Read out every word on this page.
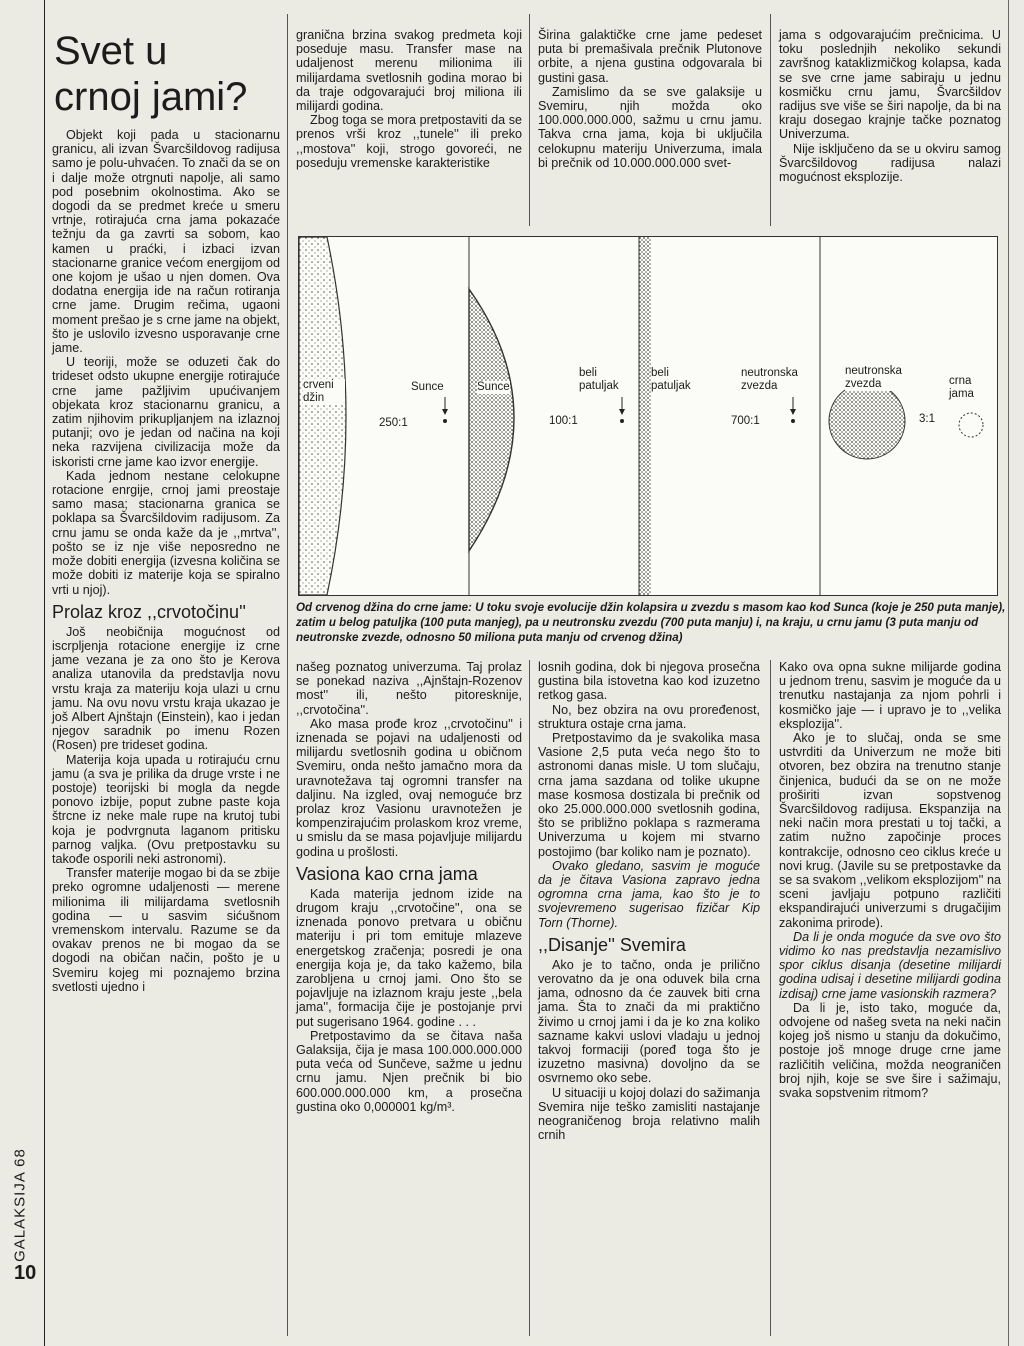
GALAKSIJA 68
10
Svet u
crnoj jami?

Objekt koji pada u stacionarnu granicu, ali izvan Švarcšildovog radijusa samo je polu-uhvaćen. To znači da se on i dalje može otrgnuti napolje, ali samo pod posebnim okolnostima. Ako se dogodi da se predmet kreće u smeru vrtnje, rotirajuća crna jama pokazaće težnju da ga zavrti sa sobom, kao kamen u praćki, i izbaci izvan stacionarne granice većom energijom od one kojom je ušao u njen domen. Ova dodatna energija ide na račun rotiranja crne jame. Drugim rečima, ugaoni moment prešao je s crne jame na objekt, što je uslovilo izvesno usporavanje crne jame.

U teoriji, može se oduzeti čak do trideset odsto ukupne energije rotirajuće crne jame pažljivim upućivanjem objekata kroz stacionarnu granicu, a zatim njihovim prikupljanjem na izlaznoj putanji; ovo je jedan od načina na koji neka razvijena civilizacija može da iskoristi crne jame kao izvor energije.

Kada jednom nestane celokupne rotacione enrgije, crnoj jami preostaje samo masa; stacionarna granica se poklapa sa Švarcšildovim radijusom. Za crnu jamu se onda kaže da je ,,mrtva'', pošto se iz nje više neposredno ne može dobiti energija (izvesna količina se može dobiti iz materije koja se spiralno vrti u njoj).

Prolaz kroz ,,crvotočinu''

Još neobičnija mogućnost od iscrpljenja rotacione energije iz crne jame vezana je za ono što je Kerova analiza utanovila da predstavlja novu vrstu kraja za materiju koja ulazi u crnu jamu. Na ovu novu vrstu kraja ukazao je još Albert Ajnštajn (Einstein), kao i jedan njegov saradnik po imenu Rozen (Rosen) pre trideset godina.

Materija koja upada u rotirajuću crnu jamu (a sva je prilika da druge vrste i ne postoje) teorijski bi mogla da negde ponovo izbije, poput zubne paste koja štrcne iz neke male rupe na krutoj tubi koja je podvrgnuta laganom pritisku parnog valjka. (Ovu pretpostavku su takođe osporili neki astronomi).

Transfer materije mogao bi da se zbije preko ogromne udaljenosti — merene milionima ili milijardama svetlosnih godina — u sasvim sićušnom vremenskom intervalu. Razume se da ovakav prenos ne bi mogao da se dogodi na običan način, pošto je u Svemiru kojeg mi poznajemo brzina svetlosti ujedno i

granična brzina svakog predmeta koji poseduje masu. Transfer mase na udaljenost merenu milionima ili milijardama svetlosnih godina morao bi da traje odgovarajući broj miliona ili milijardi godina.

Zbog toga se mora pretpostaviti da se prenos vrši kroz ,,tunele'' ili preko ,,mostova'' koji, strogo govoreći, ne poseduju vremenske karakteristike

Širina galaktičke crne jame pedeset puta bi premašivala prečnik Plutonove orbite, a njena gustina odgovarala bi gustini gasa.

Zamislimo da se sve galaksije u Svemiru, njih možda oko 100.000.000.000, sažmu u crnu jamu. Takva crna jama, koja bi uključila celokupnu materiju Univerzuma, imala bi prečnik od 10.000.000.000 svet-

jama s odgovarajućim prečnicima. U toku poslednjih nekoliko sekundi završnog kataklizmičkog kolapsa, kada se sve crne jame sabiraju u jednu kosmičku crnu jamu, Švarcšildov radijus sve više se širi napolje, da bi na kraju dosegao krajnje tačke poznatog Univerzuma.

Nije isključeno da se u okviru samog Švarcšildovog radijusa nalazi mogućnost eksplozije.

crveni džin
Sunce
250:1
Sunce
beli patuljak
100:1
beli patuljak
neutronska zvezda
700:1
neutronska zvezda	crna jama
3:1
Od crvenog džina do crne jame: U toku svoje evolucije džin kolapsira u zvezdu s masom kao kod Sunca (koje je 250 puta manje), zatim u belog patuljka (100 puta manjeg), pa u neutronsku zvezdu (700 puta manju) i, na kraju, u crnu jamu (3 puta manju od neutronske zvezde, odnosno 50 miliona puta manju od crvenog džina)

našeg poznatog univerzuma. Taj prolaz se ponekad naziva ,,Ajnštajn-Rozenov most'' ili, nešto pitoresknije, ,,crvotočina''.

Ako masa prođe kroz ,,crvotočinu'' i iznenada se pojavi na udaljenosti od milijardu svetlosnih godina u običnom Svemiru, onda nešto jamačno mora da uravnotežava taj ogromni transfer na daljinu. Na izgled, ovaj nemoguće brz prolaz kroz Vasionu uravnotežen je kompenzirajućim prolaskom kroz vreme, u smislu da se masa pojavljuje milijardu godina u prošlosti.

Vasiona kao crna jama

Kada materija jednom izide na drugom kraju ,,crvotočine'', ona se iznenada ponovo pretvara u običnu materiju i pri tom emituje mlazeve energetskog zračenja; posredi je ona energija koja je, da tako kažemo, bila zarobljena u crnoj jami. Ono što se pojavljuje na izlaznom kraju jeste ,,bela jama'', formacija čije je postojanje prvi put sugerisano 1964. godine . . .

Pretpostavimo da se čitava naša Galaksija, čija je masa 100.000.000.000 puta veća od Sunčeve, sažme u jednu crnu jamu. Njen prečnik bi bio 600.000.000.000 km, a prosečna gustina oko 0,000001 kg/m³.

losnih godina, dok bi njegova prosečna gustina bila istovetna kao kod izuzetno retkog gasa.

No, bez obzira na ovu proređenost, struktura ostaje crna jama.

Pretpostavimo da je svakolika masa Vasione 2,5 puta veća nego što to astronomi danas misle. U tom slučaju, crna jama sazdana od tolike ukupne mase kosmosa dostizala bi prečnik od oko 25.000.000.000 svetlosnih godina, što se približno poklapa s razmerama Univerzuma u kojem mi stvarno postojimo (bar koliko nam je poznato).

Ovako gledano, sasvim je moguće da je čitava Vasiona zapravo jedna ogromna crna jama, kao što je to svojevremeno sugerisao fizičar Kip Torn (Thorne).

,,Disanje'' Svemira

Ako je to tačno, onda je prilično verovatno da je ona oduvek bila crna jama, odnosno da će zauvek biti crna jama. Šta to znači da mi praktično živimo u crnoj jami i da je ko zna koliko sazname kakvi uslovi vladaju u jednoj takvoj formaciji (poređ toga što je izuzetno masivna) dovoljno da se osvrnemo oko sebe.

U situaciji u kojoj dolazi do sažimanja Svemira nije teško zamisliti nastajanje neograničenog broja relativno malih crnih

Kako ova opna sukne milijarde godina u jednom trenu, sasvim je moguće da u trenutku nastajanja za njom pohrli i kosmičko jaje — i upravo je to ,,velika eksplozija''.

Ako je to slučaj, onda se sme ustvrditi da Univerzum ne može biti otvoren, bez obzira na trenutno stanje činjenica, budući da se on ne može proširiti izvan sopstvenog Švarcšildovog radijusa. Ekspanzija na neki način mora prestati u toj tački, a zatim nužno započinje proces kontrakcije, odnosno ceo ciklus kreće u novi krug. (Javile su se pretpostavke da se sa svakom ,,velikom eksplozijom'' na sceni javljaju potpuno različiti ekspandirajući univerzumi s drugačijim zakonima prirode).

Da li je onda moguće da sve ovo što vidimo ko nas predstavlja nezamislivo spor ciklus disanja (desetine milijardi godina udisaj i desetine milijardi godina izdisaj) crne jame vasionskih razmera?

Da li je, isto tako, moguće da, odvojene od našeg sveta na neki način kojeg još nismo u stanju da dokučimo, postoje još mnoge druge crne jame različitih veličina, možda neograničen broj njih, koje se sve šire i sažimaju, svaka sopstvenim ritmom?
